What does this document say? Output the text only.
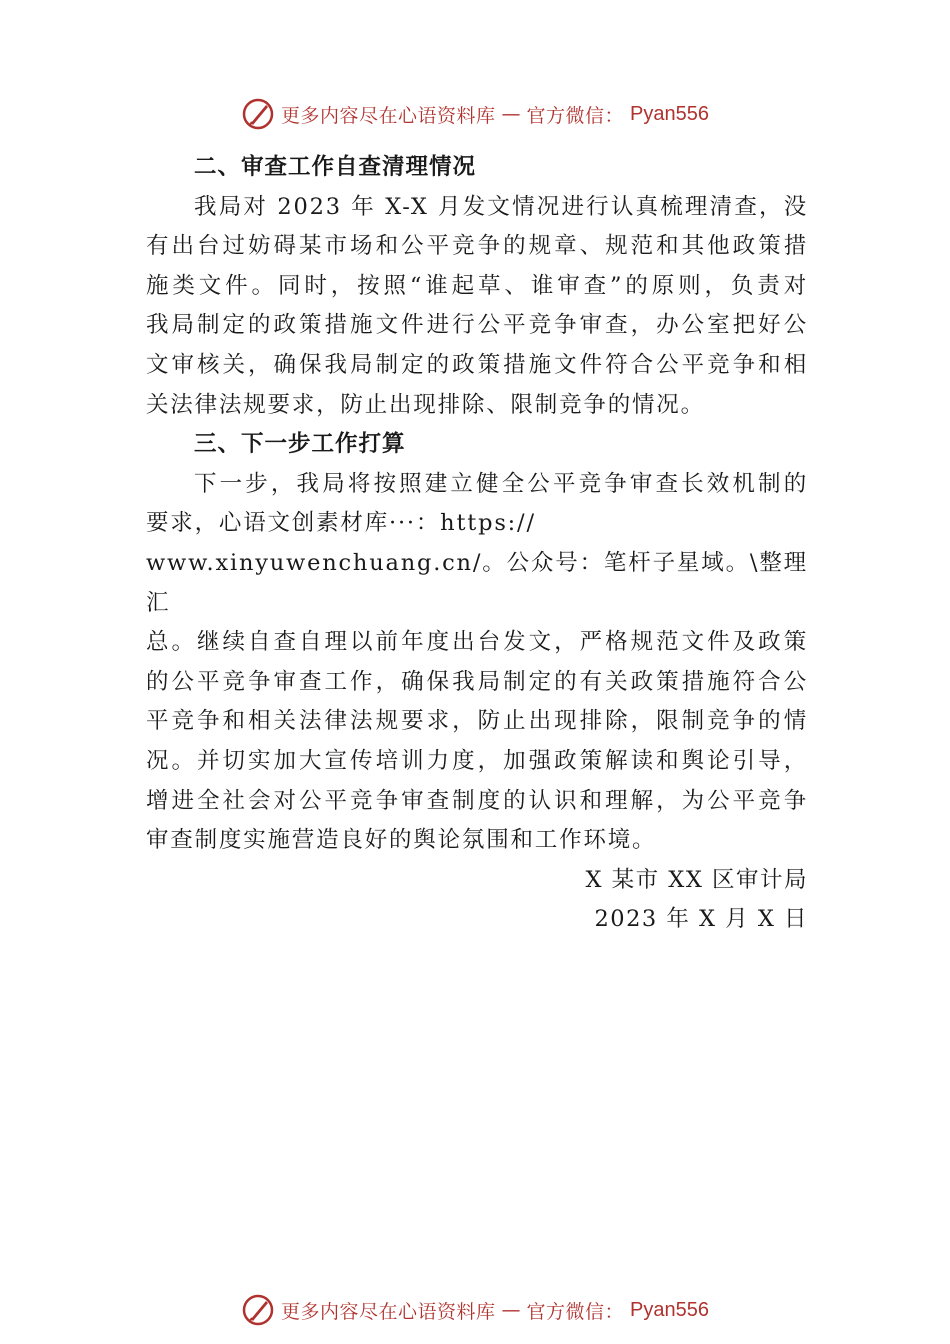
更多内容尽在心语资料库 — 官方微信： Pyan556

二、审查工作自查清理情况

我局对 2023 年 X-X 月发文情况进行认真梳理清查，没
有出台过妨碍某市场和公平竞争的规章、规范和其他政策措
施类文件。同时，按照“谁起草、谁审查”的原则，负责对
我局制定的政策措施文件进行公平竞争审查，办公室把好公
文审核关，确保我局制定的政策措施文件符合公平竞争和相
关法律法规要求，防止出现排除、限制竞争的情况。

三、下一步工作打算

下一步，我局将按照建立健全公平竞争审查长效机制的
要求，心语文创素材库···：https://
www.xinyuwenchuang.cn/。公众号：笔杆子星域。\整理汇
总。继续自查自理以前年度出台发文，严格规范文件及政策
的公平竞争审查工作，确保我局制定的有关政策措施符合公
平竞争和相关法律法规要求，防止出现排除，限制竞争的情
况。并切实加大宣传培训力度，加强政策解读和舆论引导，
增进全社会对公平竞争审查制度的认识和理解，为公平竞争
审查制度实施营造良好的舆论氛围和工作环境。

X 某市 XX 区审计局

2023 年 X 月 X 日

更多内容尽在心语资料库 — 官方微信： Pyan556
